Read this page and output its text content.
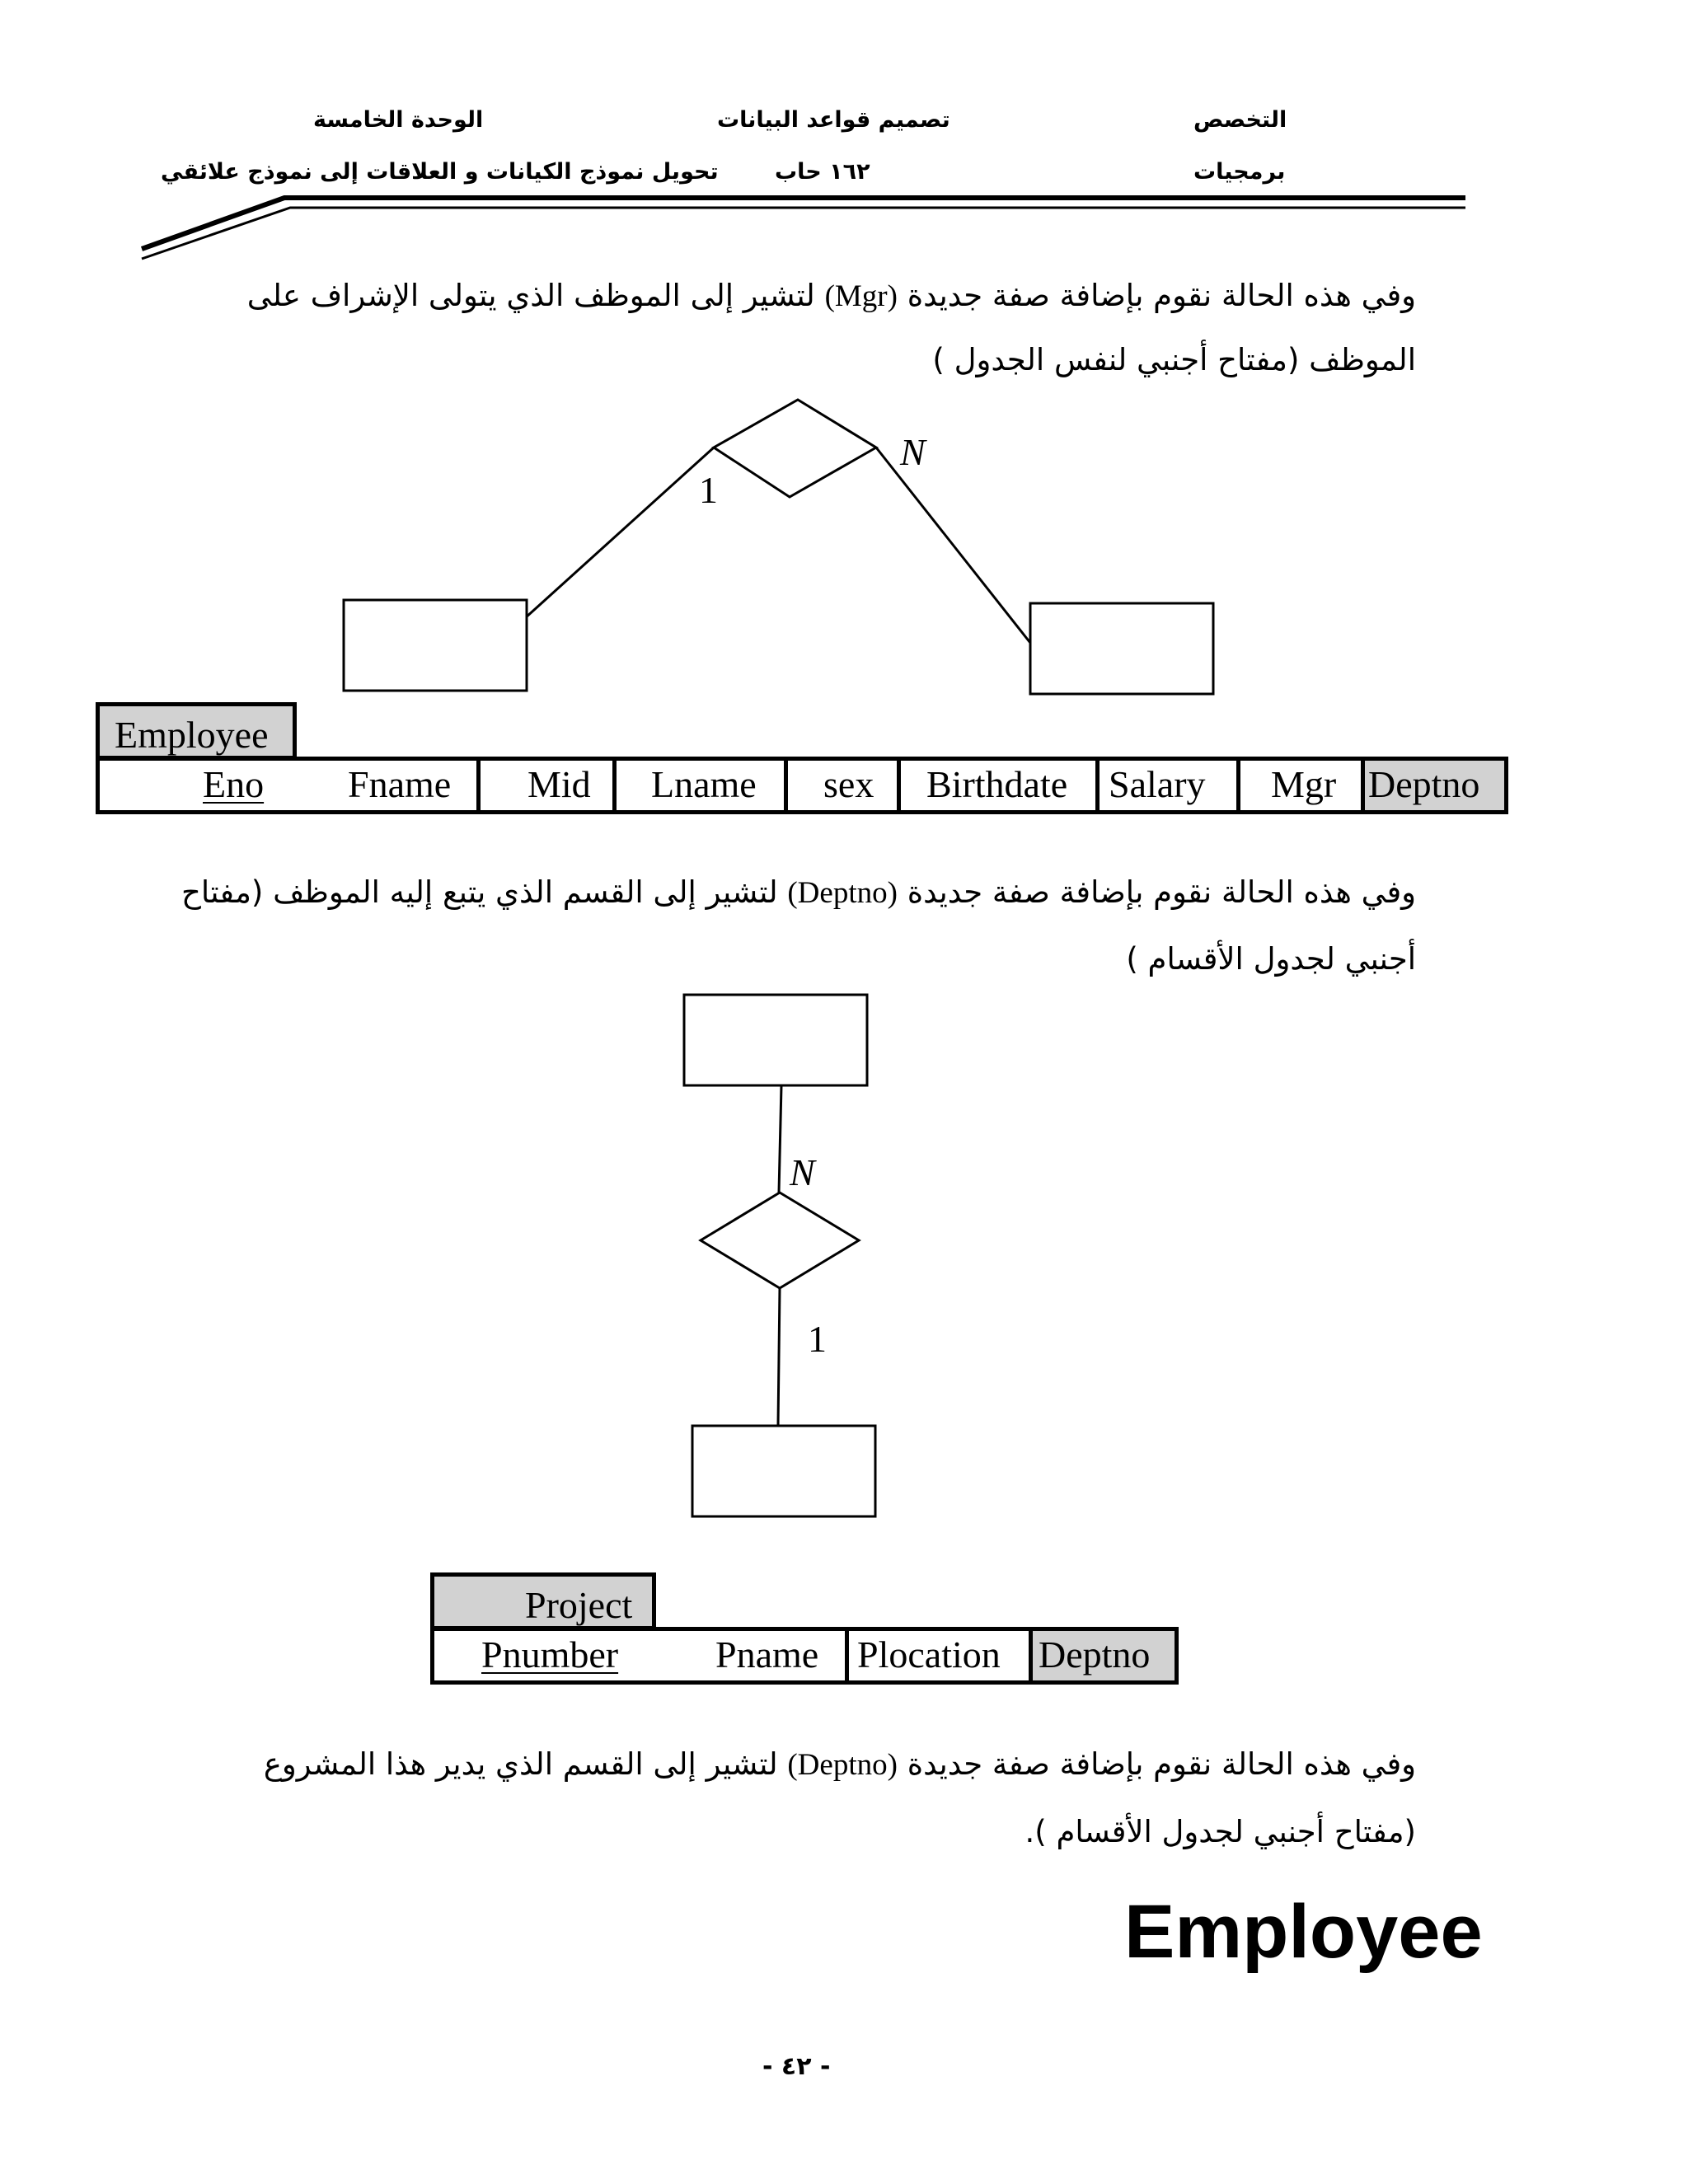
الوحدة الخامسة
تحويل نموذج الكيانات و العلاقات إلى نموذج علائقي
تصميم قواعد البيانات
١٦٢ حاب
التخصص
برمجيات
وفي هذه الحالة نقوم بإضافة صفة جديدة (Mgr) لتشير إلى الموظف الذي يتولى الإشراف على
الموظف (مفتاح أجنبي لنفس الجدول )
1
N
Employee
Eno Fname Mid Lname sex Birthdate Salary Mgr Deptno
وفي هذه الحالة نقوم بإضافة صفة جديدة (Deptno) لتشير إلى القسم الذي يتبع إليه الموظف (مفتاح
أجنبي لجدول الأقسام )
N
1
Project
Pnumber	Pname Plocation Deptno
وفي هذه الحالة نقوم بإضافة صفة جديدة (Deptno) لتشير إلى القسم الذي يدير هذا المشروع
(مفتاح أجنبي لجدول الأقسام ).
Employee
- ٤٢ -
